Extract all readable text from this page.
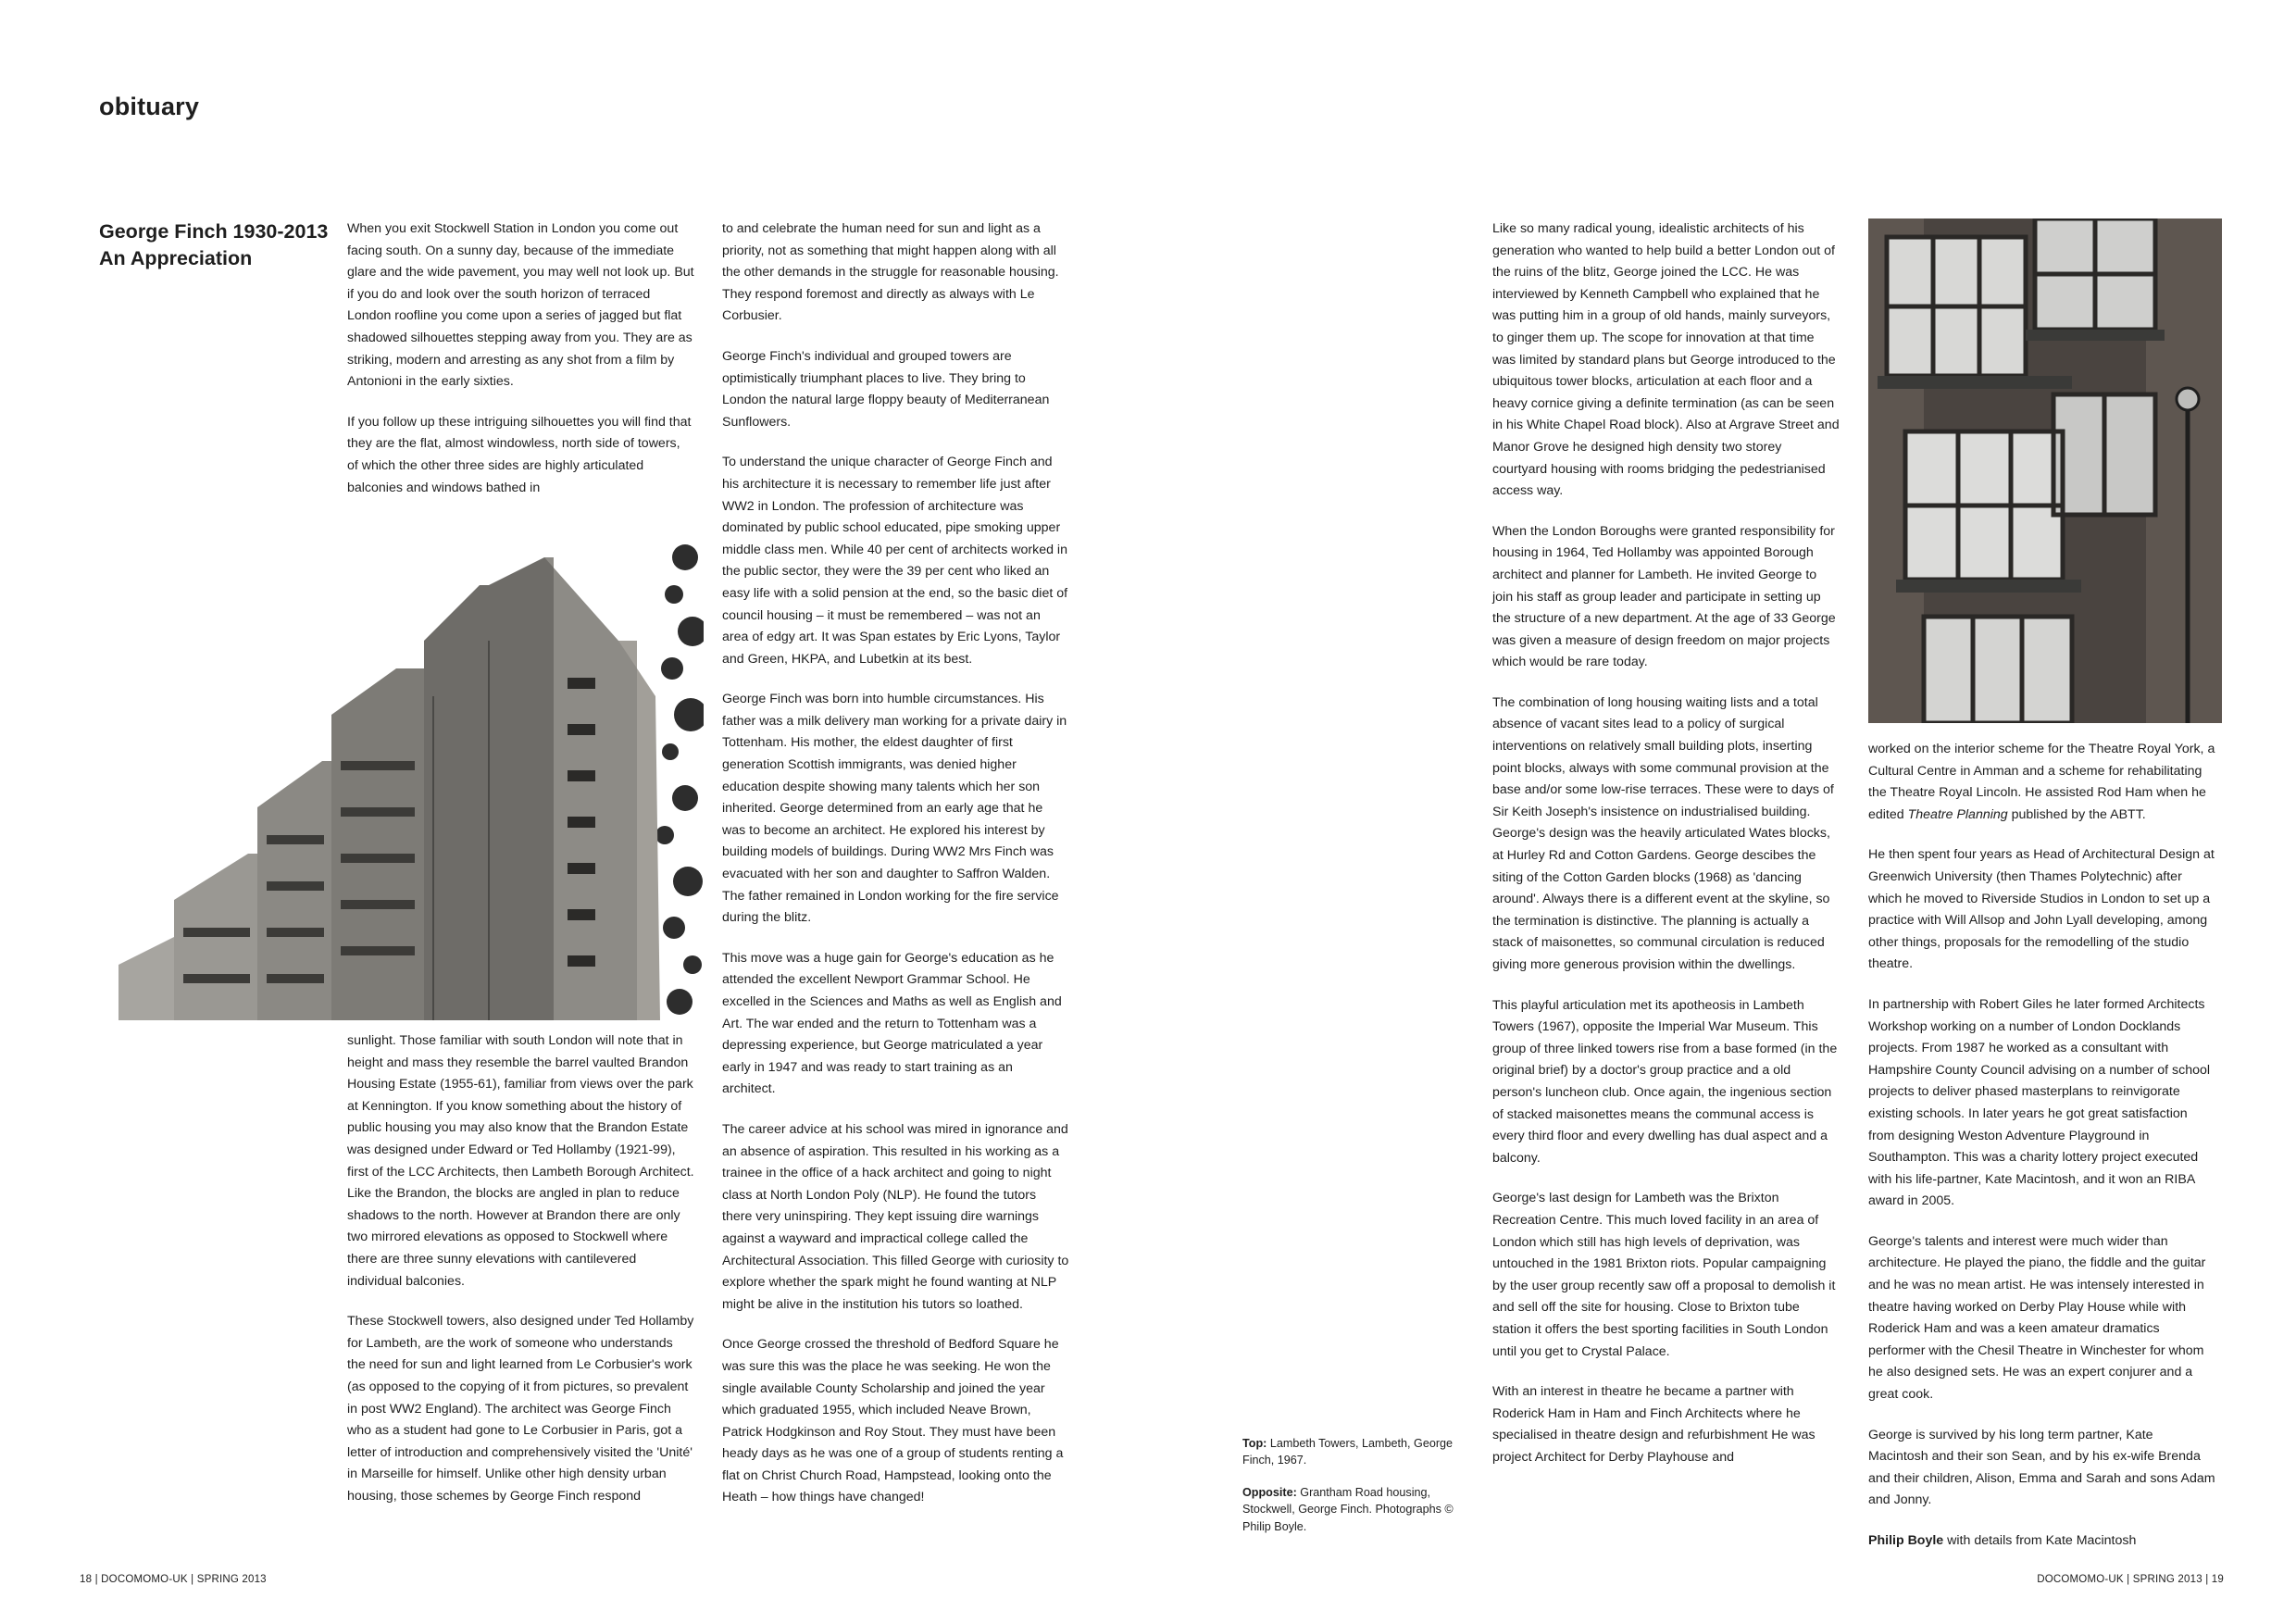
obituary
George Finch 1930-2013
An Appreciation

When you exit Stockwell Station in London you come out facing south. On a sunny day, because of the immediate glare and the wide pavement, you may well not look up. But if you do and look over the south horizon of terraced London roofline you come upon a series of jagged but flat shadowed silhouettes stepping away from you. They are as striking, modern and arresting as any shot from a film by Antonioni in the early sixties.

If you follow up these intriguing silhouettes you will find that they are the flat, almost windowless, north side of towers, of which the other three sides are highly articulated balconies and windows bathed in

sunlight. Those familiar with south London will note that in height and mass they resemble the barrel vaulted Brandon Housing Estate (1955-61), familiar from views over the park at Kennington. If you know something about the history of public housing you may also know that the Brandon Estate was designed under Edward or Ted Hollamby (1921-99), first of the LCC Architects, then Lambeth Borough Architect. Like the Brandon, the blocks are angled in plan to reduce shadows to the north. However at Brandon there are only two mirrored elevations as opposed to Stockwell where there are three sunny elevations with cantilevered individual balconies.

These Stockwell towers, also designed under Ted Hollamby for Lambeth, are the work of someone who understands the need for sun and light learned from Le Corbusier's work (as opposed to the copying of it from pictures, so prevalent in post WW2 England). The architect was George Finch who as a student had gone to Le Corbusier in Paris, got a letter of introduction and comprehensively visited the 'Unité' in Marseille for himself. Unlike other high density urban housing, those schemes by George Finch respond

to and celebrate the human need for sun and light as a priority, not as something that might happen along with all the other demands in the struggle for reasonable housing. They respond foremost and directly as always with Le Corbusier.

George Finch's individual and grouped towers are optimistically triumphant places to live. They bring to London the natural large floppy beauty of Mediterranean Sunflowers.

To understand the unique character of George Finch and his architecture it is necessary to remember life just after WW2 in London. The profession of architecture was dominated by public school educated, pipe smoking upper middle class men. While 40 per cent of architects worked in the public sector, they were the 39 per cent who liked an easy life with a solid pension at the end, so the basic diet of council housing – it must be remembered – was not an area of edgy art. It was Span estates by Eric Lyons, Taylor and Green, HKPA, and Lubetkin at its best.

George Finch was born into humble circumstances. His father was a milk delivery man working for a private dairy in Tottenham. His mother, the eldest daughter of first generation Scottish immigrants, was denied higher education despite showing many talents which her son inherited. George determined from an early age that he was to become an architect. He explored his interest by building models of buildings. During WW2 Mrs Finch was evacuated with her son and daughter to Saffron Walden. The father remained in London working for the fire service during the blitz.

This move was a huge gain for George's education as he attended the excellent Newport Grammar School. He excelled in the Sciences and Maths as well as English and Art. The war ended and the return to Tottenham was a depressing experience, but George matriculated a year early in 1947 and was ready to start training as an architect.

The career advice at his school was mired in ignorance and an absence of aspiration. This resulted in his working as a trainee in the office of a hack architect and going to night class at North London Poly (NLP). He found the tutors there very uninspiring. They kept issuing dire warnings against a wayward and impractical college called the Architectural Association. This filled George with curiosity to explore whether the spark might he found wanting at NLP might be alive in the institution his tutors so loathed.

Once George crossed the threshold of Bedford Square he was sure this was the place he was seeking. He won the single available County Scholarship and joined the year which graduated 1955, which included Neave Brown, Patrick Hodgkinson and Roy Stout. They must have been heady days as he was one of a group of students renting a flat on Christ Church Road, Hampstead, looking onto the Heath – how things have changed!

Top: Lambeth Towers, Lambeth, George Finch, 1967.

Opposite: Grantham Road housing, Stockwell, George Finch. Photographs © Philip Boyle.

Like so many radical young, idealistic architects of his generation who wanted to help build a better London out of the ruins of the blitz, George joined the LCC. He was interviewed by Kenneth Campbell who explained that he was putting him in a group of old hands, mainly surveyors, to ginger them up. The scope for innovation at that time was limited by standard plans but George introduced to the ubiquitous tower blocks, articulation at each floor and a heavy cornice giving a definite termination (as can be seen in his White Chapel Road block). Also at Argrave Street and Manor Grove he designed high density two storey courtyard housing with rooms bridging the pedestrianised access way.

When the London Boroughs were granted responsibility for housing in 1964, Ted Hollamby was appointed Borough architect and planner for Lambeth. He invited George to join his staff as group leader and participate in setting up the structure of a new department. At the age of 33 George was given a measure of design freedom on major projects which would be rare today.

The combination of long housing waiting lists and a total absence of vacant sites lead to a policy of surgical interventions on relatively small building plots, inserting point blocks, always with some communal provision at the base and/or some low-rise terraces. These were to days of Sir Keith Joseph's insistence on industrialised building. George's design was the heavily articulated Wates blocks, at Hurley Rd and Cotton Gardens. George descibes the siting of the Cotton Garden blocks (1968) as 'dancing around'. Always there is a different event at the skyline, so the termination is distinctive. The planning is actually a stack of maisonettes, so communal circulation is reduced giving more generous provision within the dwellings.

This playful articulation met its apotheosis in Lambeth Towers (1967), opposite the Imperial War Museum. This group of three linked towers rise from a base formed (in the original brief) by a doctor's group practice and a old person's luncheon club. Once again, the ingenious section of stacked maisonettes means the communal access is every third floor and every dwelling has dual aspect and a balcony.

George's last design for Lambeth was the Brixton Recreation Centre. This much loved facility in an area of London which still has high levels of deprivation, was untouched in the 1981 Brixton riots. Popular campaigning by the user group recently saw off a proposal to demolish it and sell off the site for housing. Close to Brixton tube station it offers the best sporting facilities in South London until you get to Crystal Palace.

With an interest in theatre he became a partner with Roderick Ham in Ham and Finch Architects where he specialised in theatre design and refurbishment He was project Architect for Derby Playhouse and

worked on the interior scheme for the Theatre Royal York, a Cultural Centre in Amman and a scheme for rehabilitating the Theatre Royal Lincoln. He assisted Rod Ham when he edited Theatre Planning published by the ABTT.

He then spent four years as Head of Architectural Design at Greenwich University (then Thames Polytechnic) after which he moved to Riverside Studios in London to set up a practice with Will Allsop and John Lyall developing, among other things, proposals for the remodelling of the studio theatre.

In partnership with Robert Giles he later formed Architects Workshop working on a number of London Docklands projects. From 1987 he worked as a consultant with Hampshire County Council advising on a number of school projects to deliver phased masterplans to reinvigorate existing schools. In later years he got great satisfaction from designing Weston Adventure Playground in Southampton. This was a charity lottery project executed with his life-partner, Kate Macintosh, and it won an RIBA award in 2005.

George's talents and interest were much wider than architecture. He played the piano, the fiddle and the guitar and he was no mean artist. He was intensely interested in theatre having worked on Derby Play House while with Roderick Ham and was a keen amateur dramatics performer with the Chesil Theatre in Winchester for whom he also designed sets. He was an expert conjurer and a great cook.

George is survived by his long term partner, Kate Macintosh and their son Sean, and by his ex-wife Brenda and their children, Alison, Emma and Sarah and sons Adam and Jonny.

Philip Boyle with details from Kate Macintosh

18 | DOCOMOMO-UK | SPRING 2013	DOCOMOMO-UK | SPRING 2013 | 19
